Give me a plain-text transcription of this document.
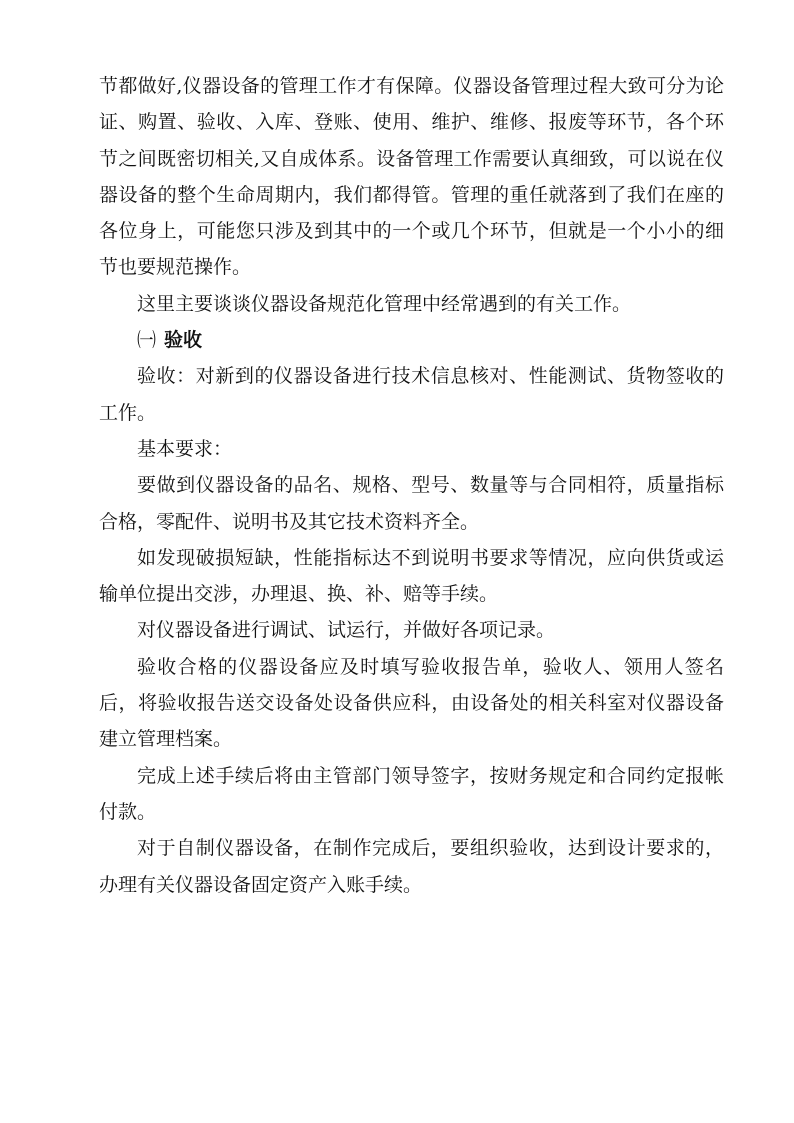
节都做好,仪器设备的管理工作才有保障。仪器设备管理过程大致可分为论证、购置、验收、入库、登账、使用、维护、维修、报废等环节，各个环节之间既密切相关,又自成体系。设备管理工作需要认真细致，可以说在仪器设备的整个生命周期内，我们都得管。管理的重任就落到了我们在座的各位身上，可能您只涉及到其中的一个或几个环节，但就是一个小小的细节也要规范操作。

这里主要谈谈仪器设备规范化管理中经常遇到的有关工作。

㈠ 验收

验收：对新到的仪器设备进行技术信息核对、性能测试、货物签收的工作。

基本要求：

要做到仪器设备的品名、规格、型号、数量等与合同相符，质量指标合格，零配件、说明书及其它技术资料齐全。

如发现破损短缺，性能指标达不到说明书要求等情况，应向供货或运输单位提出交涉，办理退、换、补、赔等手续。

对仪器设备进行调试、试运行，并做好各项记录。

验收合格的仪器设备应及时填写验收报告单，验收人、领用人签名后，将验收报告送交设备处设备供应科，由设备处的相关科室对仪器设备建立管理档案。

完成上述手续后将由主管部门领导签字，按财务规定和合同约定报帐付款。

对于自制仪器设备，在制作完成后，要组织验收，达到设计要求的，办理有关仪器设备固定资产入账手续。
